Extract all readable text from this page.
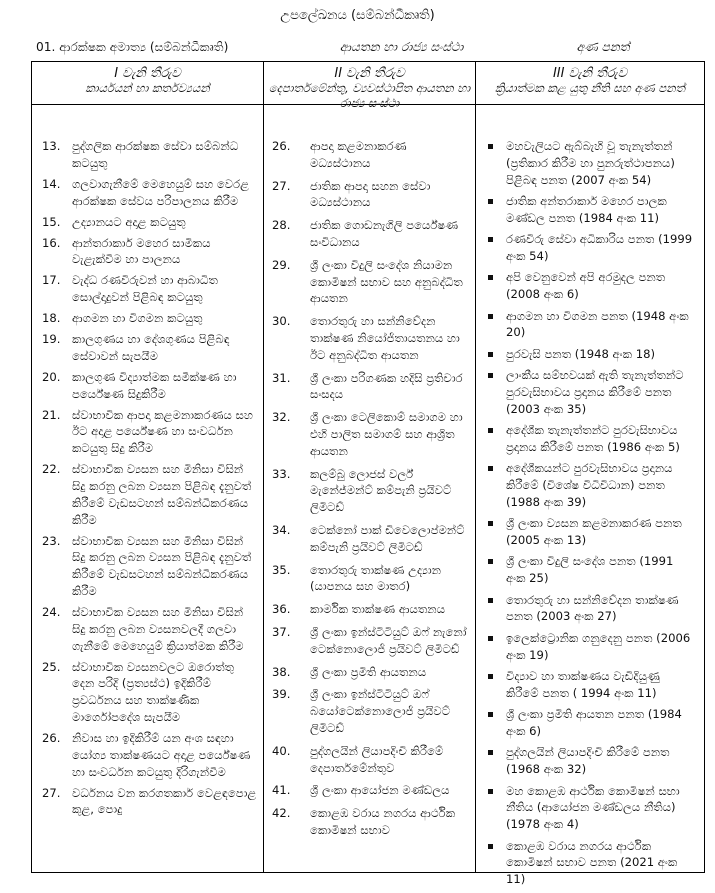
උපලේඛනය (සම්බන්ධීකෘති)
01. ආරක්ෂක අමාත්‍ය (සම්බන්ධීකෘති)	ආයතන හා රාජ්‍ය සංස්ථා	අණ පනත්
I වැනි තීරුව
කාර්යයන් හා කර්තව්‍යයන්
II වැනි තීරුව
දෙපාර්තමේන්තු, ව්‍යවස්ථාපිත ආයතන හා රාජ්‍ය සංස්ථා
III වැනි තීරුව
ක්‍රියාත්මක කළ යුතු නීති සහ අණ පනත්
13. පුද්ගලික ආරක්ෂක සේවා සම්බන්ධ කටයුතු
14. ගලවාගැනීමේ මෙහෙයුම් සහ වෙරළ ආරක්ෂක සේවය පරිපාලනය කිරීම
15. උද්‍යානයට අදාළ කටයුතු
16. ආන්තරාකාර් මහෙර සාමිකය වැළැක්වීම හා පාලනය
17. වැද්ධ රණවිරුවන් හා ආබාධිත සොල්දාදුවන් පිළිබඳ කටයුතු
18. ආගමන හා විගමන කටයුතු
19. කාලගුණය හා දේශගුණය පිළිබඳ සේවාවන් සැපයීම
20. කාලගුණ විද්‍යාත්මක සමීක්ෂණ හා පර්යේෂණ සිදුකිරීම
21. ස්වාභාවික ආපදා කළමනාකරණය සහ ඊට අදාළ පර්යේෂණ හා සංවර්ධන කටයුතු සිදු කිරීම
22. ස්වාභාවික ව්‍යසන සහ මිනිසා විසින් සිදු කරනු ලබන ව්‍යසන පිළිබඳ දැනුවත් කිරීමේ වැඩසටහන් සම්බන්ධීකරණය කිරීම
23. ස්වාභාවික ව්‍යසන සහ මිනිසා විසින් සිදු කරනු ලබන ව්‍යසන පිළිබඳ දැනුවත් කිරීමේ වැඩසටහන් සම්බන්ධීකරණය කිරීම
24. ස්වාභාවික ව්‍යසන සහ මිනිසා විසින් සිදු කරනු ලබන ව්‍යසනවලදී ගලවා ගැනීමේ මෙහෙයුම් ක්‍රියාත්මක කිරීම
25. ස්වාභාවික ව්‍යසනවලට ඔරොත්තු දෙන පරිදි (ප්‍රත්‍යස්ථ) ඉදිකිරීම් ප්‍රවර්ධනය සහ තාක්ෂණික මාර්ගෝපදේශ සැපයීම
26. නිවාස හා ඉදිකිරීම් යන අංශ සඳහා යෝග්‍ය තාක්ෂණයට අදාළ පර්යේෂණ හා සංවර්ධන කටයුතු දිරිගැන්වීම
27. වර්ධනය වන කරගතකාර් වෙළඳපොළ කුළ, පොදු
26. ආපදා කළමනාකරණ මධ්‍යස්ථානය
27. ජාතික ආපදා සහන සේවා මධ්‍යස්ථානය
28. ජාතික ගොඩනැගිලි පර්යේෂණ සංවිධානය
29. ශ්‍රී ලංකා විදුලි සංදේශ නියාමන කොමිෂන් සභාව සහ අනුබද්ධිත ආයතන
30. තොරතුරු හා සන්නිවේදන තාක්ෂණ නියෝජිතායතනය හා ඊට අනුබද්ධිත ආයතන
31. ශ්‍රී ලංකා පරිගණක හදිසි ප්‍රතිචාර සංසදය
32. ශ්‍රී ලංකා ටෙලිකොම් සමාගම හා එහි පාලිත සමාගම් සහ ආශ්‍රිත ආයතන
33. කලම්බු ලොජස් වර්ල් මැනේජ්මන්ට් කම්පැනි ප්‍රයිවට් ලිමිටඩ්
34. ටෙක්නෝ පාක් ඩිවෙලොප්මන්ට් කම්පැනි ප්‍රයිවට් ලිමිටඩ්
35. තොරතුරු තාක්ෂණ උද්‍යාන (යාපනය සහ මාතර)
36. කාර්මික තාක්ෂණ ආයතනය
37. ශ්‍රී ලංකා ඉන්ස්ටිටියුට් ඔෆ් නැනෝ ටෙක්නොලොජි ප්‍රයිවට් ලිමිටඩ්
38. ශ්‍රී ලංකා ප්‍රමිති ආයතනය
39. ශ්‍රී ලංකා ඉන්ස්ටිටියුට් ඔෆ් බයෝටෙක්නොලොජි ප්‍රයිවට් ලිමිටඩ්
40. පුද්ගලයින් ලියාපදිංචි කිරීමේ දෙපාර්තමේන්තුව
41. ශ්‍රී ලංකා ආයෝජන මණ්ඩලය
42. කොළඹ වරාය නගරය ආර්ථික කොමිෂන් සභාව
මහවැලියට ඇබ්බැහි වූ තැනැත්තන් (ප්‍රතිකාර කිරීම හා පුනරුත්ථාපනය) පිළිබඳ පනත (2007 අංක 54)
ජාතික අන්තරාකාර් මහෙර පාලක මණ්ඩල පනත (1984 අංක 11)
රණවිරු සේවා අධිකාරිය පනත (1999 අංක 54)
අපි වෙනුවෙන් අපි අරමුදල පනත (2008 අංක 6)
ආගමන හා විගමන පනත (1948 අංක 20)
පුරවැසි පනත (1948 අංක 18)
ලාංකීය සම්භවයක් ඇති තැනැත්තන්ට පුරවැසිභාවය ප්‍රදානය කිරීමේ පනත (2003 අංක 35)
අදේශීක තැනැත්තන්ට පුරවැසිභාවය ප්‍රදානය කිරීමේ පනත (1986 අංක 5)
අදේශීකයන්ට පුරවැසිභාවය ප්‍රදානය කිරීමේ (විශේෂ විධිවිධාන) පනත (1988 අංක 39)
ශ්‍රී ලංකා ව්‍යසන කළමනාකරණ පනත (2005 අංක 13)
ශ්‍රී ලංකා විදුලි සංදේශ පනත (1991 අංක 25)
තොරතුරු හා සන්නිවේදන තාක්ෂණ පනත (2003 අංක 27)
ඉලෙක්ට්‍රොනික ගනුදෙනු පනත (2006 අංක 19)
විද්‍යාව හා තාක්ෂණය වැඩිදියුණු කිරීමේ පනත ( 1994 අංක 11)
ශ්‍රී ලංකා ප්‍රමිති ආයතන පනත (1984 අංක 6)
පුද්ගලයින් ලියාපදිංචි කිරීමේ පනත (1968 අංක 32)
මහ කොළඹ ආර්ථික කොමිෂන් සභා නීතිය (ආයෝජන මණ්ඩලය නීතිය) (1978 අංක 4)
කොළඹ වරාය නගරය ආර්ථික කොමිෂන් සභාව පනත (2021 අංක 11)
